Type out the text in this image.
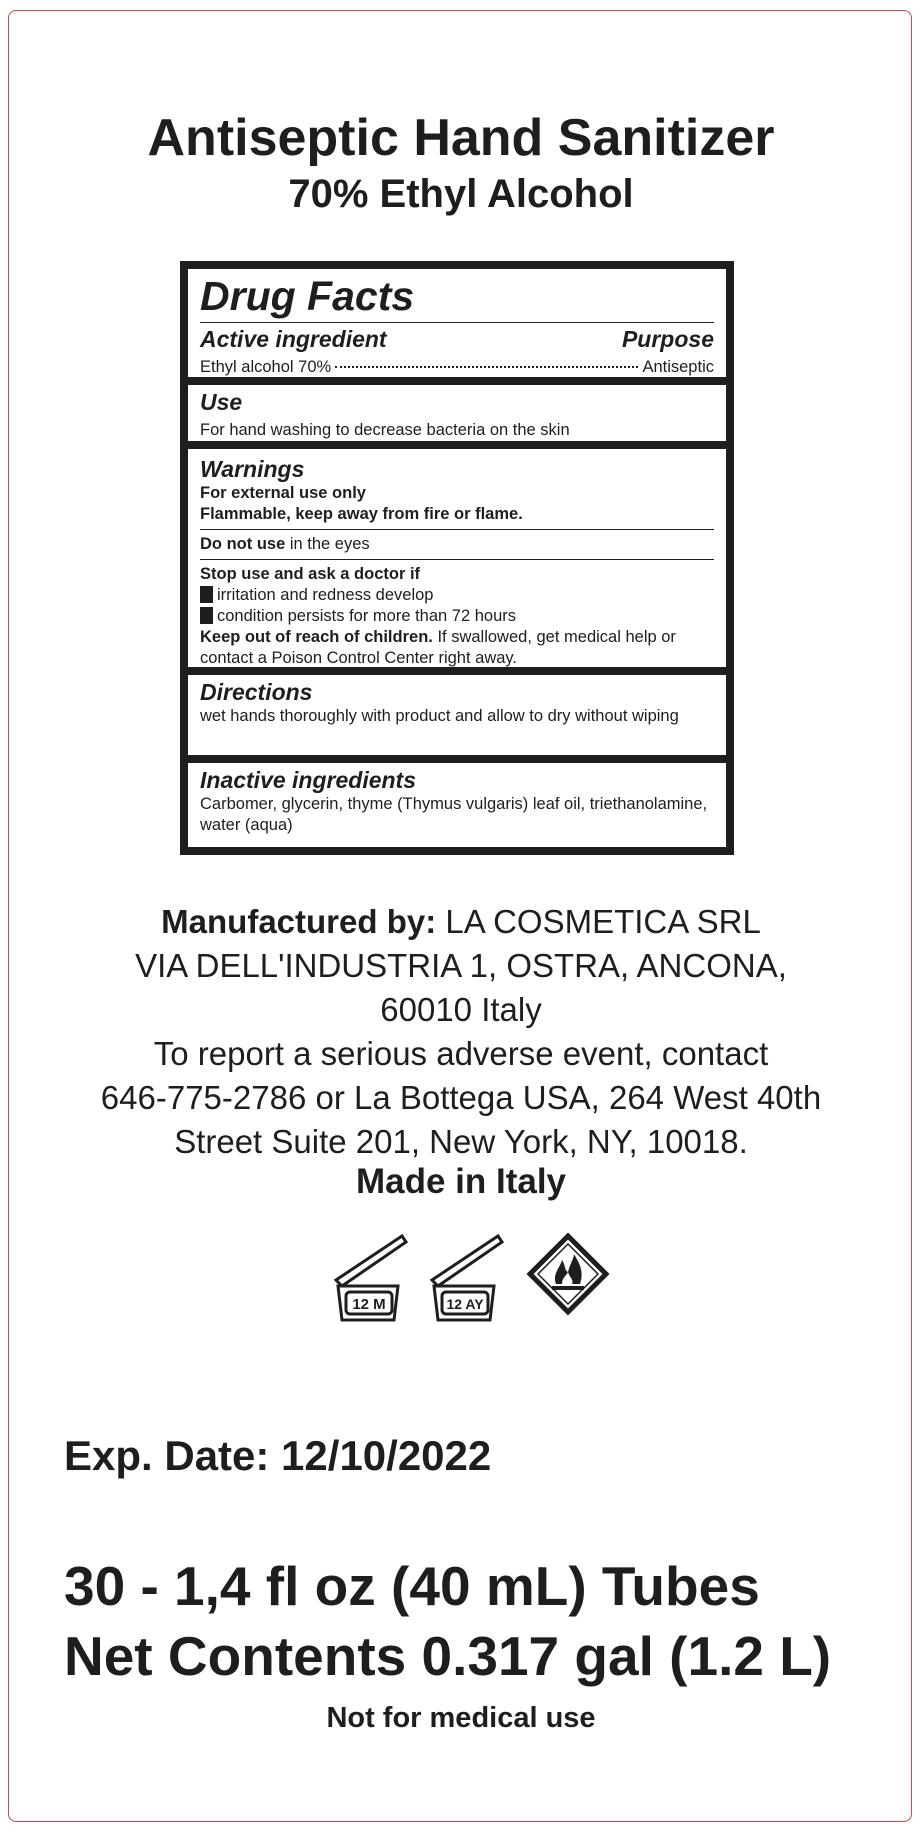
Antiseptic Hand Sanitizer
70% Ethyl Alcohol
Drug Facts
Active ingredient	Purpose
Ethyl alcohol 70%	Antiseptic
Use
For hand washing to decrease bacteria on the skin
Warnings
For external use only
Flammable, keep away from fire or flame.
Do not use in the eyes
Stop use and ask a doctor if
irritation and redness develop
condition persists for more than 72 hours
Keep out of reach of children. If swallowed, get medical help or contact a Poison Control Center right away.
Directions
wet hands thoroughly with product and allow to dry without wiping
Inactive ingredients
Carbomer, glycerin, thyme (Thymus vulgaris) leaf oil, triethanolamine, water (aqua)
Manufactured by: LA COSMETICA SRL
VIA DELL'INDUSTRIA 1, OSTRA, ANCONA,
60010 Italy
To report a serious adverse event, contact
646-775-2786 or La Bottega USA, 264 West 40th
Street Suite 201, New York, NY, 10018.
Made in Italy
12 M	12 AY
Exp. Date: 12/10/2022
30 - 1,4 fl oz (40 mL) Tubes
Net Contents 0.317 gal (1.2 L)
Not for medical use
